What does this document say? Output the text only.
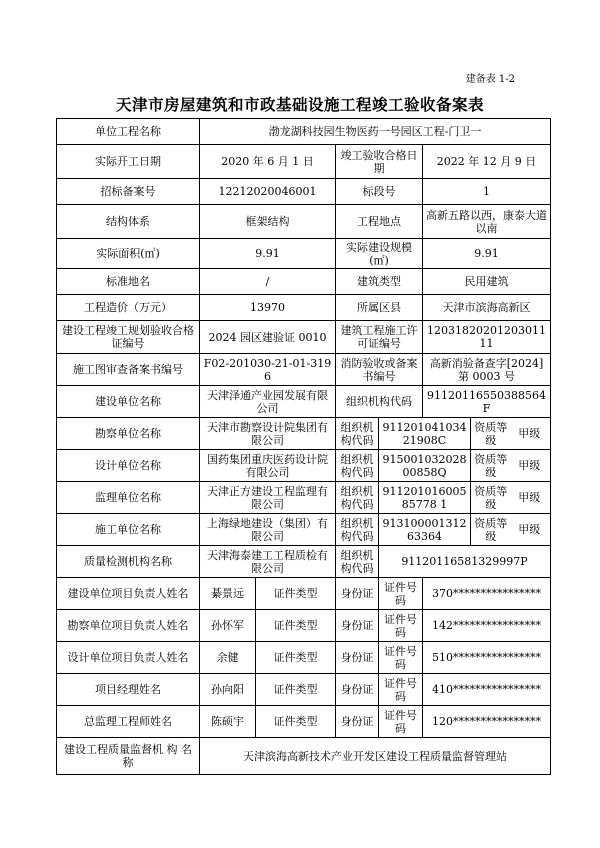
建备表 1-2
天津市房屋建筑和市政基础设施工程竣工验收备案表
单位工程名称	渤龙湖科技园生物医药一号园区工程-门卫一					
实际开工日期	2020 年 6 月 1 日		竣工验收合格日期		2022 年 12 月 9 日	
招标备案号	12212020046001		标段号		1	
结构体系	框架结构		工程地点		高新五路以西，康泰大道以南	
实际面积(㎡)	9.91		实际建设规模(㎡)		9.91	
标准地名	/		建筑类型		民用建筑	
工程造价（万元）	13970		所属区县		天津市滨海高新区	
建设工程竣工规划验收合格证编号	2024 园区建验证 0010		建筑工程施工许可证编号		12031820201203011 11	
施工图审查备案书编号	F02-201030-21-01-3196		消防验收或备案书编号		高新消验备查字[2024]第 0003 号	
建设单位名称	天津泽通产业园发展有限公司		组织机构代码		91120116550388564F	
勘察单位名称	天津市勘察设计院集团有限公司		组织机构代码	91120104103421908C		资质等级 甲级
设计单位名称	国药集团重庆医药设计院有限公司		组织机构代码	91500103202800858Q		资质等级 甲级
监理单位名称	天津正方建设工程监理有限公司		组织机构代码	91120101600585778 1		资质等级 甲级
施工单位名称	上海绿地建设（集团）有限公司		组织机构代码	91310000131263364		资质等级 甲级
质量检测机构名称	天津海泰建工工程质检有限公司		组织机构代码	91120116581329997P		
建设单位项目负责人姓名	綦景远	证件类型	身份证	证件号码	370****************	
勘察单位项目负责人姓名	孙怀军	证件类型	身份证	证件号码	142****************	
设计单位项目负责人姓名	余健	证件类型	身份证	证件号码	510****************	
项目经理姓名	孙向阳	证件类型	身份证	证件号码	410****************	
总监理工程师姓名	陈硕宇	证件类型	身份证	证件号码	120****************	
建设工程质量监督机 构 名 称	天津滨海高新技术产业开发区建设工程质量监督管理站					
